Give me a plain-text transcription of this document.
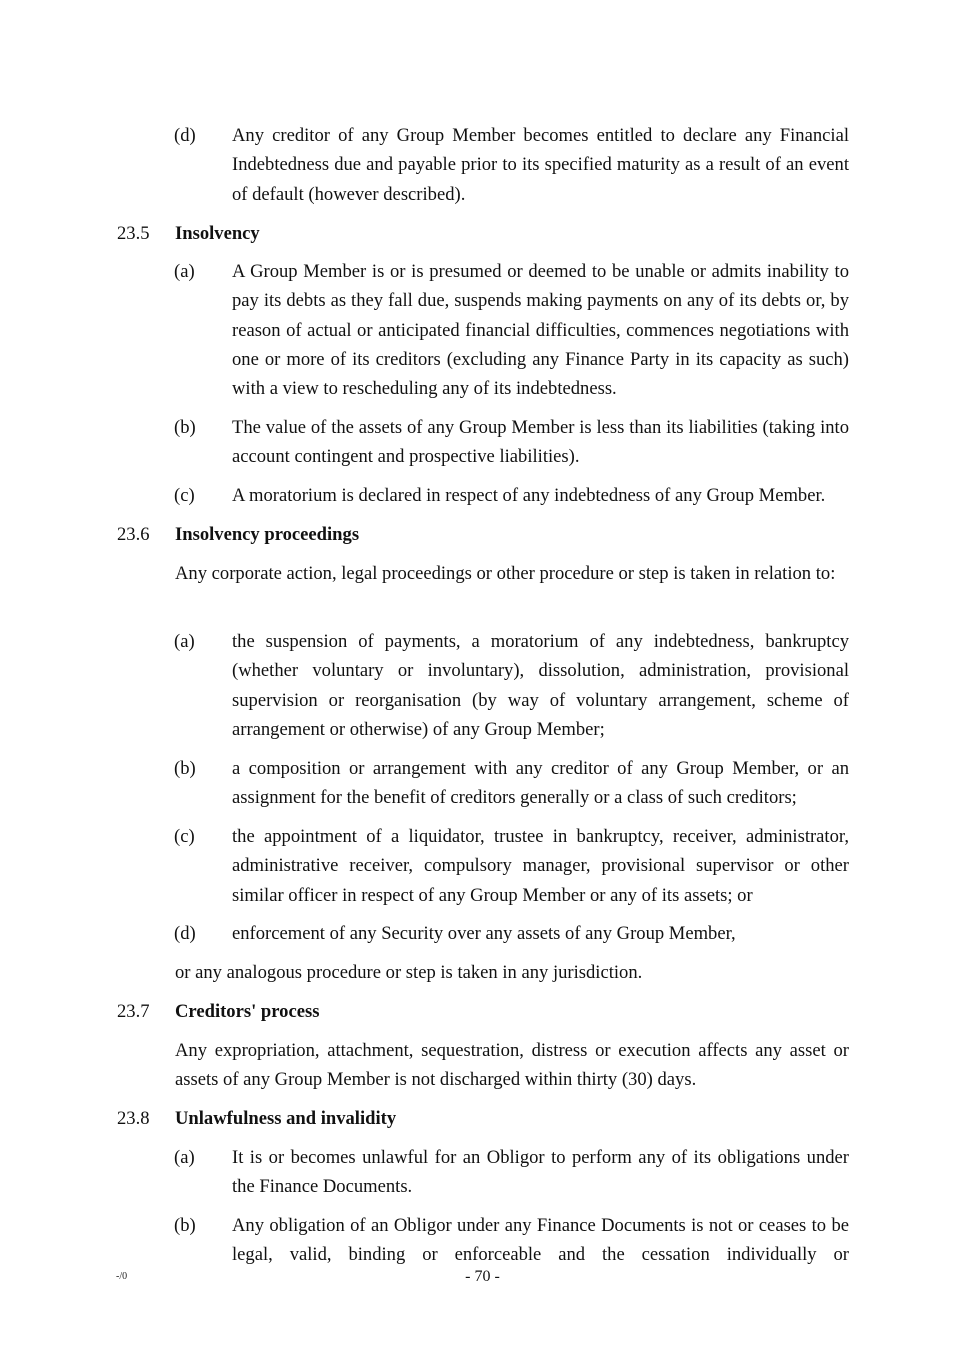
(d) Any creditor of any Group Member becomes entitled to declare any Financial Indebtedness due and payable prior to its specified maturity as a result of an event of default (however described).

23.5 Insolvency
(a) A Group Member is or is presumed or deemed to be unable or admits inability to pay its debts as they fall due, suspends making payments on any of its debts or, by reason of actual or anticipated financial difficulties, commences negotiations with one or more of its creditors (excluding any Finance Party in its capacity as such) with a view to rescheduling any of its indebtedness.

(b) The value of the assets of any Group Member is less than its liabilities (taking into account contingent and prospective liabilities).

(c) A moratorium is declared in respect of any indebtedness of any Group Member.

23.6 Insolvency proceedings

Any corporate action, legal proceedings or other procedure or step is taken in relation to:

(a) the suspension of payments, a moratorium of any indebtedness, bankruptcy (whether voluntary or involuntary), dissolution, administration, provisional supervision or reorganisation (by way of voluntary arrangement, scheme of arrangement or otherwise) of any Group Member;

(b) a composition or arrangement with any creditor of any Group Member, or an assignment for the benefit of creditors generally or a class of such creditors;

(c) the appointment of a liquidator, trustee in bankruptcy, receiver, administrator, administrative receiver, compulsory manager, provisional supervisor or other similar officer in respect of any Group Member or any of its assets; or

(d) enforcement of any Security over any assets of any Group Member,

or any analogous procedure or step is taken in any jurisdiction.

23.7 Creditors' process

Any expropriation, attachment, sequestration, distress or execution affects any asset or assets of any Group Member is not discharged within thirty (30) days.

23.8 Unlawfulness and invalidity
(a) It is or becomes unlawful for an Obligor to perform any of its obligations under the Finance Documents.

(b) Any obligation of an Obligor under any Finance Documents is not or ceases to be legal, valid, binding or enforceable and the cessation individually or

-/0	- 70 -
